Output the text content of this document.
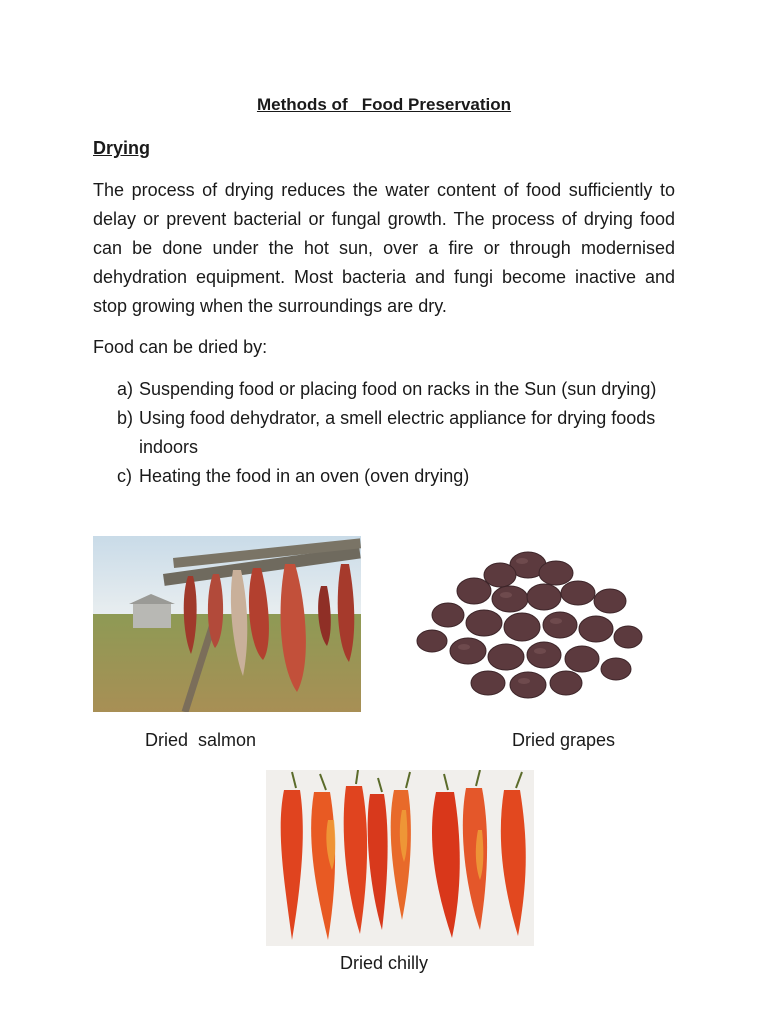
Methods of   Food Preservation
Drying
The process of drying reduces the water content of food sufficiently to delay or prevent bacterial or fungal growth. The process of drying food can be done under the hot sun, over a fire or through modernised dehydration equipment. Most bacteria and fungi become inactive and stop growing when the surroundings are dry.
Food can be dried by:
a) Suspending food or placing food on racks in the Sun (sun drying)
b) Using food dehydrator, a smell electric appliance for drying foods indoors
c) Heating the food in an oven (oven drying)
Dried  salmon	Dried grapes
Dried chilly
